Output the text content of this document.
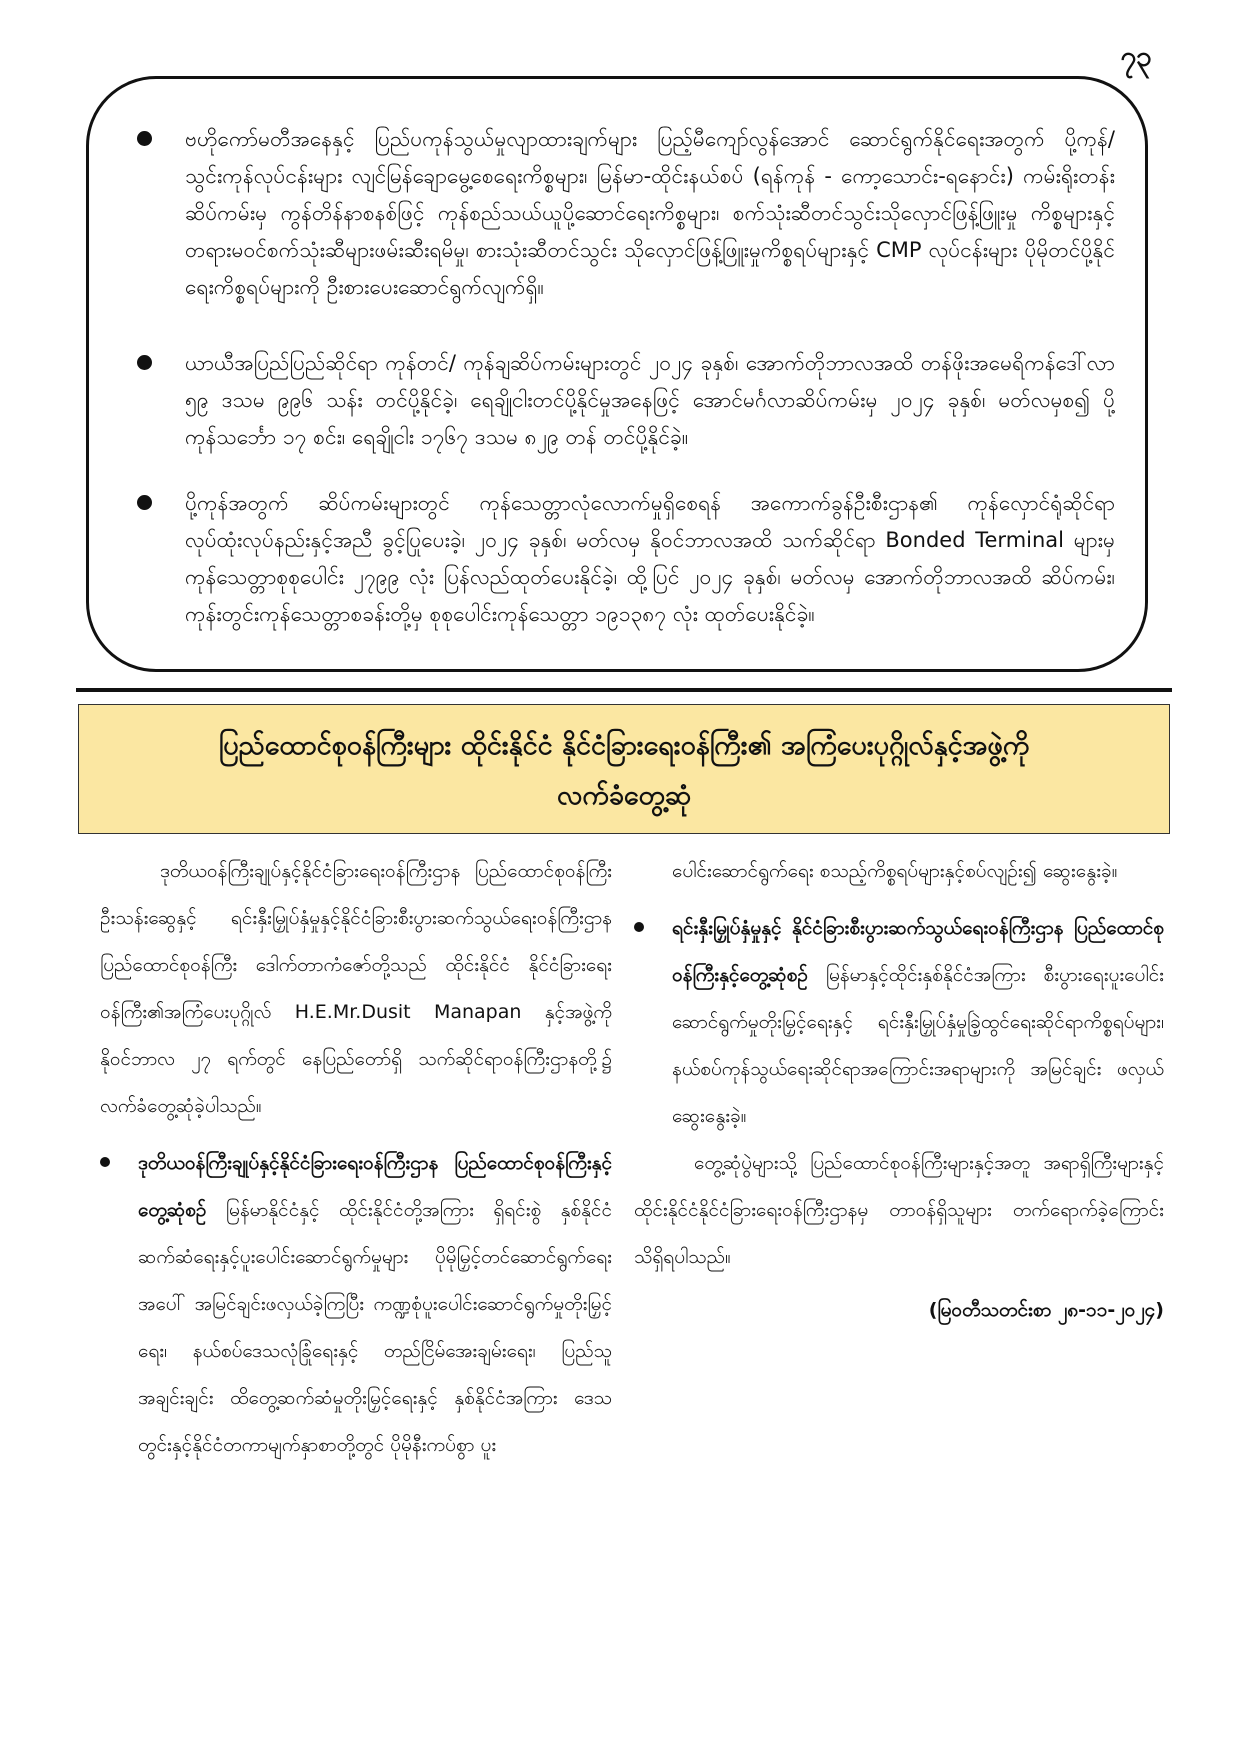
၇၃
ဗဟိုကော်မတီအနေနှင့် ပြည်ပကုန်သွယ်မှုလျာထားချက်များ ပြည့်မီကျော်လွန်အောင် ဆောင်ရွက်နိုင်ရေးအတွက် ပို့ကုန်/ သွင်းကုန်လုပ်ငန်းများ လျင်မြန်ချောမွေ့စေရေးကိစ္စများ၊ မြန်မာ-ထိုင်းနယ်စပ် (ရန်ကုန် - ကော့သောင်း-ရနောင်း) ကမ်းရိုးတန်းဆိပ်ကမ်းမှ ကွန်တိန်နာစနစ်ဖြင့် ကုန်စည်သယ်ယူပို့ဆောင်ရေးကိစ္စများ၊ စက်သုံးဆီတင်သွင်းသိုလှောင်ဖြန့်ဖြူးမှု ကိစ္စများနှင့် တရားမဝင်စက်သုံးဆီများဖမ်းဆီးရမိမှု၊ စားသုံးဆီတင်သွင်း သိုလှောင်ဖြန့်ဖြူးမှုကိစ္စရပ်များနှင့် CMP လုပ်ငန်းများ ပိုမိုတင်ပို့နိုင်ရေးကိစ္စရပ်များကို ဦးစားပေးဆောင်ရွက်လျက်ရှိ။
ယာယီအပြည်ပြည်ဆိုင်ရာ ကုန်တင်/ ကုန်ချဆိပ်ကမ်းများတွင် ၂၀၂၄ ခုနှစ်၊ အောက်တိုဘာလအထိ တန်ဖိုးအမေရိကန်ဒေါ်လာ ၅၉ ဒသမ ၉၉၆ သန်း တင်ပို့နိုင်ခဲ့၊ ရေချိုငါးတင်ပို့နိုင်မှုအနေဖြင့် အောင်မင်္ဂလာဆိပ်ကမ်းမှ ၂၀၂၄ ခုနှစ်၊ မတ်လမှစ၍ ပို့ကုန်သင်္ဘော ၁၇ စင်း၊ ရေချိုငါး ၁၇၆၇ ဒသမ ၈၂၉ တန် တင်ပို့နိုင်ခဲ့။
ပို့ကုန်အတွက် ဆိပ်ကမ်းများတွင် ကုန်သေတ္တာလုံလောက်မှုရှိစေရန် အကောက်ခွန်ဦးစီးဌာန၏ ကုန်လှောင်ရုံဆိုင်ရာလုပ်ထုံးလုပ်နည်းနှင့်အညီ ခွင့်ပြုပေးခဲ့၊ ၂၀၂၄ ခုနှစ်၊ မတ်လမှ နိုဝင်ဘာလအထိ သက်ဆိုင်ရာ Bonded Terminal များမှ ကုန်သေတ္တာစုစုပေါင်း ၂၇၉၉ လုံး ပြန်လည်ထုတ်ပေးနိုင်ခဲ့၊ ထို့ပြင် ၂၀၂၄ ခုနှစ်၊ မတ်လမှ အောက်တိုဘာလအထိ ဆိပ်ကမ်း၊ ကုန်းတွင်းကုန်သေတ္တာစခန်းတို့မှ စုစုပေါင်းကုန်သေတ္တာ ၁၉၁၃၈၇ လုံး ထုတ်ပေးနိုင်ခဲ့။
ပြည်ထောင်စုဝန်ကြီးများ ထိုင်းနိုင်ငံ နိုင်ငံခြားရေးဝန်ကြီး၏ အကြံပေးပုဂ္ဂိုလ်နှင့်အဖွဲ့ကို
လက်ခံတွေ့ဆုံ

ဒုတိယဝန်ကြီးချုပ်နှင့်နိုင်ငံခြားရေးဝန်ကြီးဌာန ပြည်ထောင်စုဝန်ကြီး ဦးသန်းဆွေနှင့် ရင်းနှီးမြှုပ်နှံမှုနှင့်နိုင်ငံခြားစီးပွားဆက်သွယ်ရေးဝန်ကြီးဌာန ပြည်ထောင်စုဝန်ကြီး ဒေါက်တာကံဇော်တို့သည် ထိုင်းနိုင်ငံ နိုင်ငံခြားရေးဝန်ကြီး၏အကြံပေးပုဂ္ဂိုလ် H.E.Mr.Dusit Manapan နှင့်အဖွဲ့ကို နိုဝင်ဘာလ ၂၇ ရက်တွင် နေပြည်တော်ရှိ သက်ဆိုင်ရာဝန်ကြီးဌာနတို့၌ လက်ခံတွေ့ဆုံခဲ့ပါသည်။

ဒုတိယဝန်ကြီးချုပ်နှင့်နိုင်ငံခြားရေးဝန်ကြီးဌာန ပြည်ထောင်စုဝန်ကြီးနှင့်တွေ့ဆုံစဉ် မြန်မာနိုင်ငံနှင့် ထိုင်းနိုင်ငံတို့အကြား ရှိရင်းစွဲ နှစ်နိုင်ငံဆက်ဆံရေးနှင့်ပူးပေါင်းဆောင်ရွက်မှုများ ပိုမိုမြှင့်တင်ဆောင်ရွက်ရေးအပေါ် အမြင်ချင်းဖလှယ်ခဲ့ကြပြီး ကဏ္ဍစုံပူးပေါင်းဆောင်ရွက်မှုတိုးမြှင့်ရေး၊ နယ်စပ်ဒေသလုံခြုံရေးနှင့် တည်ငြိမ်အေးချမ်းရေး၊ ပြည်သူအချင်းချင်း ထိတွေ့ဆက်ဆံမှုတိုးမြှင့်ရေးနှင့် နှစ်နိုင်ငံအကြား ဒေသတွင်းနှင့်နိုင်ငံတကာမျက်နှာစာတို့တွင် ပိုမိုနီးကပ်စွာ ပူး

ပေါင်းဆောင်ရွက်ရေး စသည့်ကိစ္စရပ်များနှင့်စပ်လျဉ်း၍ ဆွေးနွေးခဲ့။

ရင်းနှီးမြှုပ်နှံမှုနှင့် နိုင်ငံခြားစီးပွားဆက်သွယ်ရေးဝန်ကြီးဌာန ပြည်ထောင်စုဝန်ကြီးနှင့်တွေ့ဆုံစဉ် မြန်မာနှင့်ထိုင်းနှစ်နိုင်ငံအကြား စီးပွားရေးပူးပေါင်းဆောင်ရွက်မှုတိုးမြှင့်ရေးနှင့် ရင်းနှီးမြှုပ်နှံမှုခြဲ့ထွင်ရေးဆိုင်ရာကိစ္စရပ်များ၊ နယ်စပ်ကုန်သွယ်ရေးဆိုင်ရာအကြောင်းအရာများကို အမြင်ချင်း ဖလှယ်ဆွေးနွေးခဲ့။

တွေ့ဆုံပွဲများသို့ ပြည်ထောင်စုဝန်ကြီးများနှင့်အတူ အရာရှိကြီးများနှင့် ထိုင်းနိုင်ငံနိုင်ငံခြားရေးဝန်ကြီးဌာနမှ တာဝန်ရှိသူများ တက်ရောက်ခဲ့ကြောင်း သိရှိရပါသည်။

(မြဝတီသတင်းစာ ၂၈-၁၁-၂၀၂၄)
